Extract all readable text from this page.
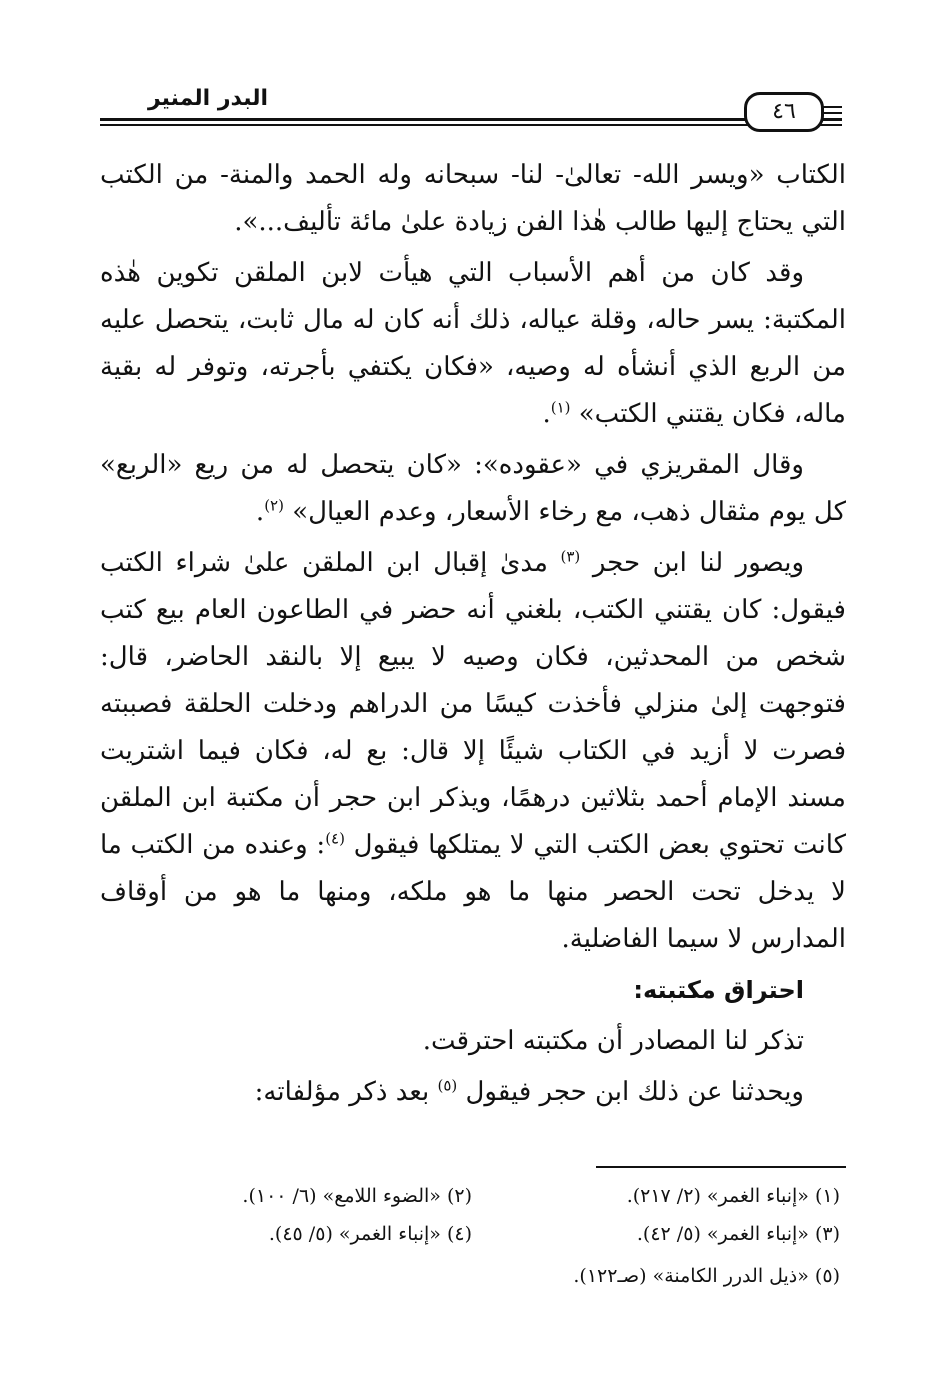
البدر المنير
٤٦

الكتاب «ويسر الله- تعالىٰ- لنا- سبحانه وله الحمد والمنة- من الكتب التي يحتاج إليها طالب هٰذا الفن زيادة علىٰ مائة تأليف...».

وقد كان من أهم الأسباب التي هيأت لابن الملقن تكوين هٰذه المكتبة: يسر حاله، وقلة عياله، ذلك أنه كان له مال ثابت، يتحصل عليه من الربع الذي أنشأه له وصيه، «فكان يكتفي بأجرته، وتوفر له بقية ماله، فكان يقتني الكتب» $^{(١)}$.

وقال المقريزي في «عقوده»: «كان يتحصل له من ريع «الربع» كل يوم مثقال ذهب، مع رخاء الأسعار، وعدم العيال» $^{(٢)}$.

ويصور لنا ابن حجر $^{(٣)}$ مدىٰ إقبال ابن الملقن علىٰ شراء الكتب فيقول: كان يقتني الكتب، بلغني أنه حضر في الطاعون العام بيع كتب شخص من المحدثين، فكان وصيه لا يبيع إلا بالنقد الحاضر، قال: فتوجهت إلىٰ منزلي فأخذت كيسًا من الدراهم ودخلت الحلقة فصببته فصرت لا أزيد في الكتاب شيئًا إلا قال: بع له، فكان فيما اشتريت مسند الإمام أحمد بثلاثين درهمًا، ويذكر ابن حجر أن مكتبة ابن الملقن كانت تحتوي بعض الكتب التي لا يمتلكها فيقول $^{(٤)}$: وعنده من الكتب ما لا يدخل تحت الحصر منها ما هو ملكه، ومنها ما هو من أوقاف المدارس لا سيما الفاضلية.

احتراق مكتبته:

تذكر لنا المصادر أن مكتبته احترقت.

ويحدثنا عن ذلك ابن حجر فيقول $^{(٥)}$ بعد ذكر مؤلفاته:

(١) «إنباء الغمر» (٢/ ٢١٧).
(٢) «الضوء اللامع» (٦/ ١٠٠).
(٣) «إنباء الغمر» (٥/ ٤٢).
(٤) «إنباء الغمر» (٥/ ٤٥).
(٥) «ذيل الدرر الكامنة» (صـ١٢٢).
